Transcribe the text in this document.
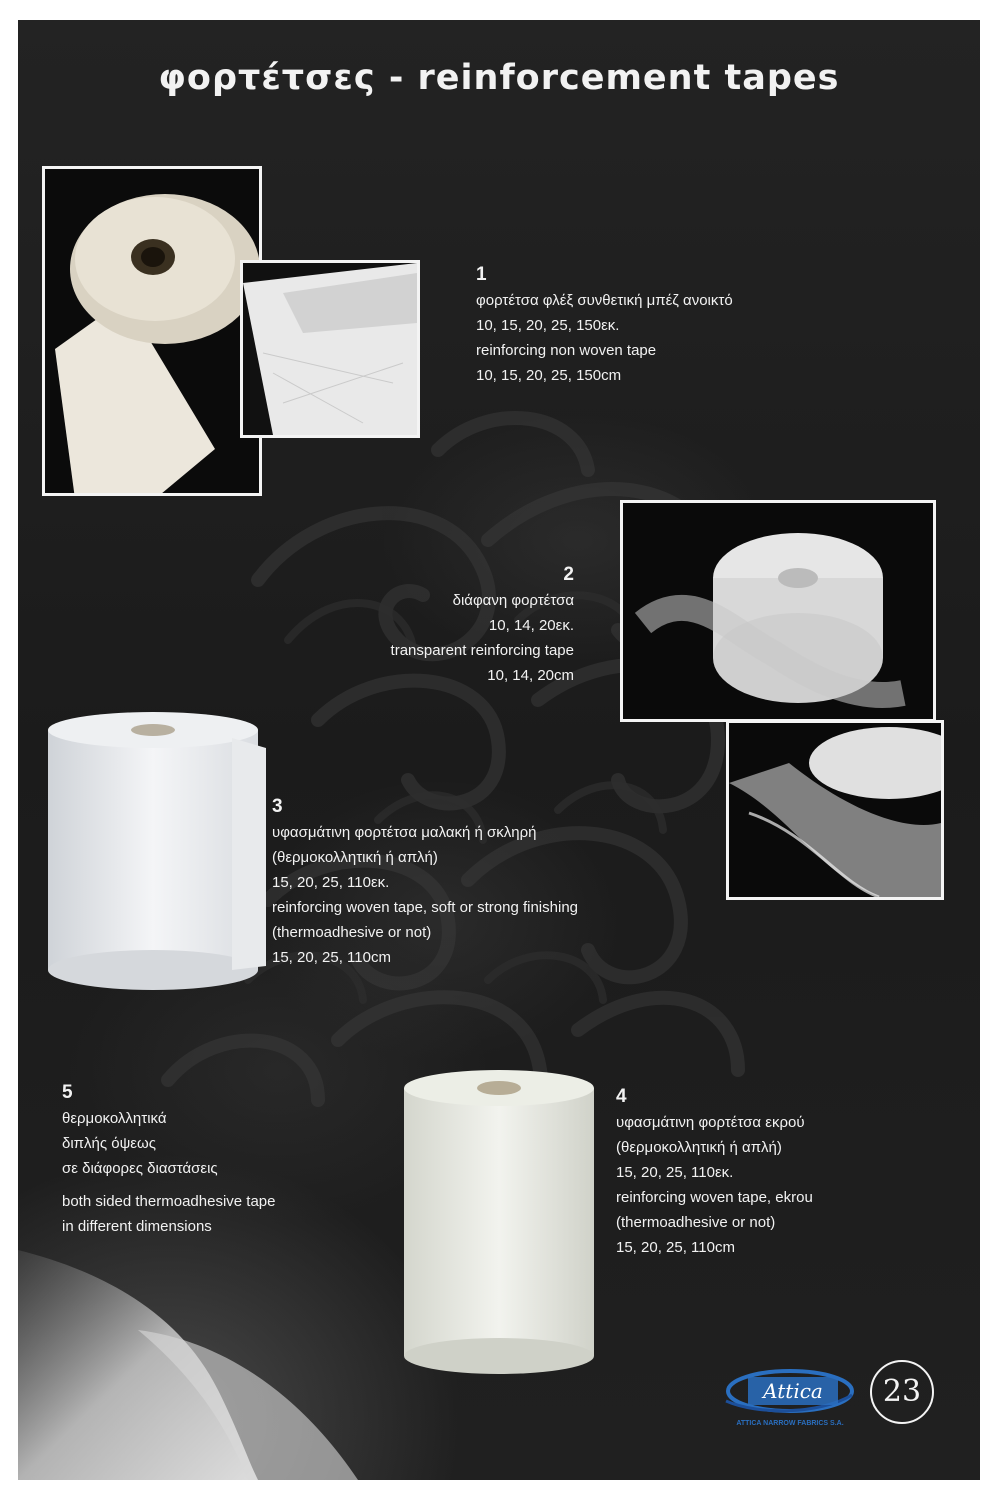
φορτέτσες - reinforcement tapes
1
φορτέτσα φλέξ συνθετική μπέζ ανοικτό
10, 15, 20, 25, 150εκ.
reinforcing non woven tape
10, 15, 20, 25, 150cm
2
διάφανη φορτέτσα
10, 14, 20εκ.
transparent reinforcing tape
10, 14, 20cm
3
υφασμάτινη φορτέτσα μαλακή ή σκληρή
(θερμοκολλητική ή απλή)
15, 20, 25, 110εκ.
reinforcing woven tape, soft or strong finishing
(thermoadhesive or not)
15, 20, 25, 110cm
4
υφασμάτινη φορτέτσα εκρού
(θερμοκολλητική ή απλή)
15, 20, 25, 110εκ.
reinforcing woven tape, ekrou
(thermoadhesive or not)
15, 20, 25, 110cm
5
θερμοκολλητικά
διπλής όψεως
σε διάφορες διαστάσεις
both sided thermoadhesive tape
in different dimensions
Attica
ATTICA NARROW FABRICS S.A.
23
